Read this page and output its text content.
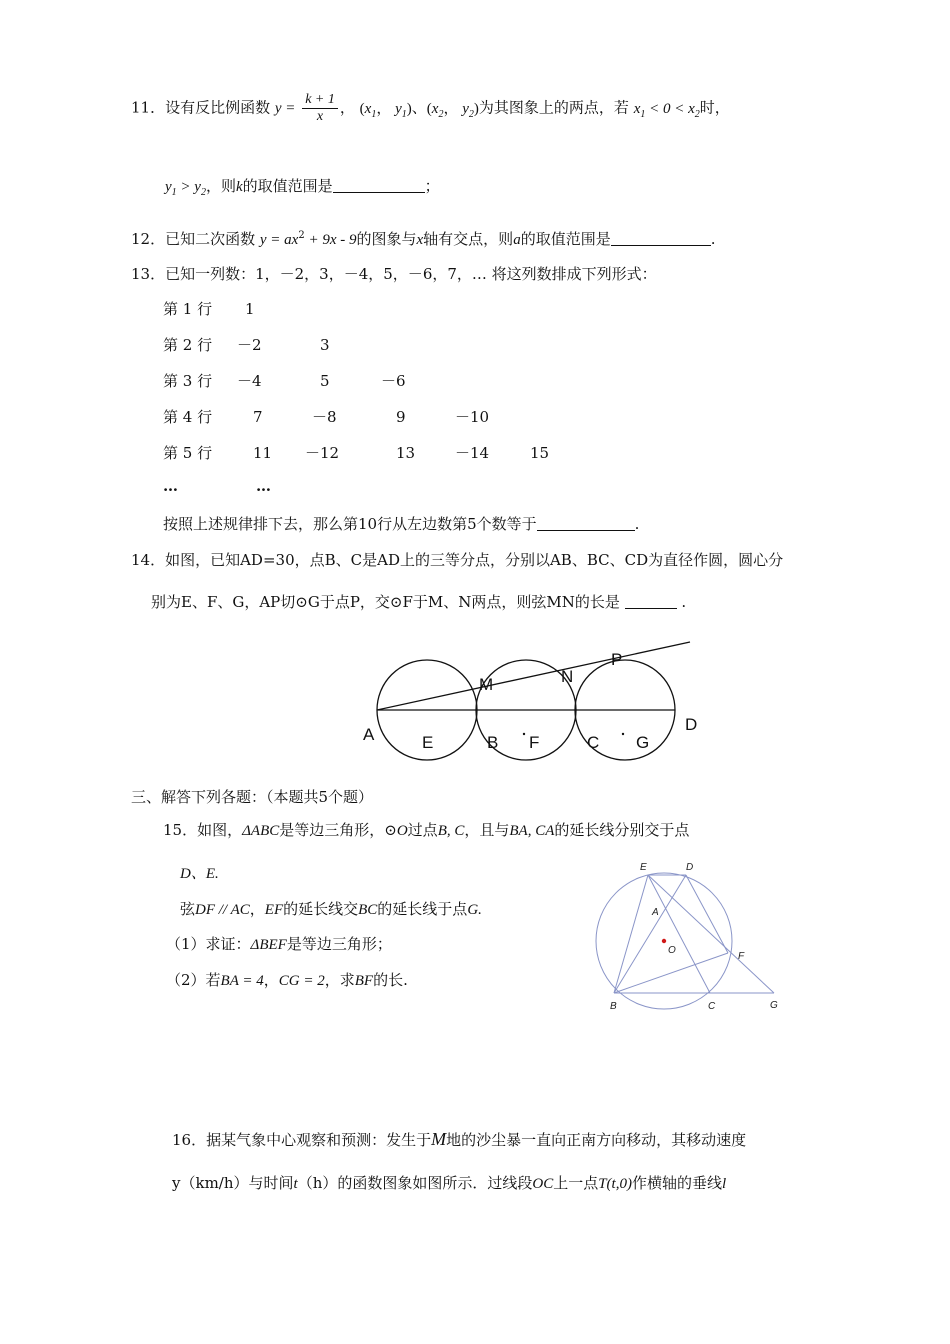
11．设有反比例函数 $y = \frac{k + 1}{x}$ ， ($x_1$， $y_1$)、($x_2$， $y_2$)为其图象上的两点，若 $x_1 < 0 < x_2$时，
$y_1 > y_2$，则k的取值范围是	；
12．已知二次函数 $y = ax^2 + 9x - 9$的图象与x轴有交点，则a的取值范围是	.
13．已知一列数：1，－2，3，－4，5，－6，7，… 将这列数排成下列形式：
第 1 行 1
第 2 行 －2	3
第 3 行 －4	5	－6
第 4 行	7	－8	9	－10
第 5 行	11 －12	13	－14	15
…	…
按照上述规律排下去，那么第10行从左边数第5个数等于	.
14．如图，已知AD=30，点B、C是AD上的三等分点，分别以AB、BC、CD为直径作圆，圆心分
别为E、F、G，AP切⊙G于点P，交⊙F于M、N两点，则弦MN的长是	.
A	E	B F	C G
D
M	N
P
三、解答下列各题：（本题共5个题）
15．如图，ΔABC是等边三角形，⊙O过点B, C，且与BA, CA的延长线分别交于点
D、E.
弦DF // AC，EF的延长线交BC的延长线于点G.
（1）求证：ΔBEF是等边三角形；
（2）若BA = 4，CG = 2，求BF的长.
E	D
A
O
F
B	C	G
16．据某气象中心观察和预测：发生于M地的沙尘暴一直向正南方向移动，其移动速度
y（km/h）与时间t（h）的函数图象如图所示．过线段OC上一点T(t,0)作横轴的垂线l
